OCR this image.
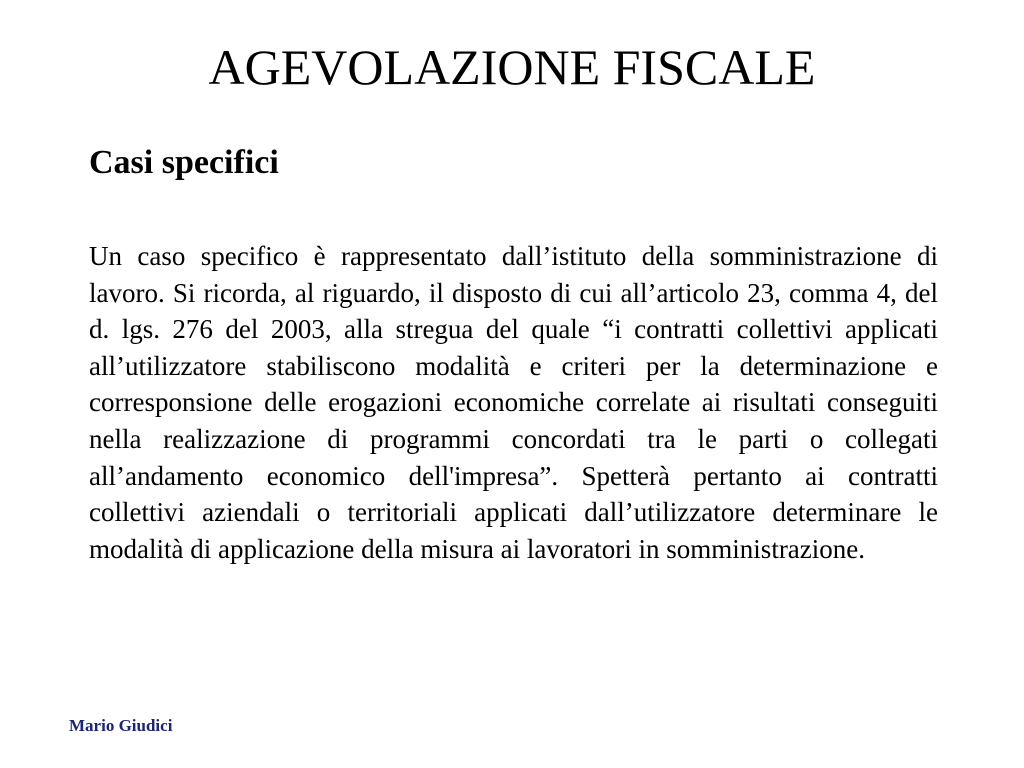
AGEVOLAZIONE FISCALE
Casi specifici

Un caso specifico è rappresentato dall’istituto della somministrazione di lavoro. Si ricorda, al riguardo, il disposto di cui all’articolo 23, comma 4, del d. lgs. 276 del 2003, alla stregua del quale “i contratti collettivi applicati all’utilizzatore stabiliscono modalità e criteri per la determinazione e corresponsione delle erogazioni economiche correlate ai risultati conseguiti nella realizzazione di programmi concordati tra le parti o collegati all’andamento economico dell'impresa”. Spetterà pertanto ai contratti collettivi aziendali o territoriali applicati dall’utilizzatore determinare le modalità di applicazione della misura ai lavoratori in somministrazione.

Mario Giudici
